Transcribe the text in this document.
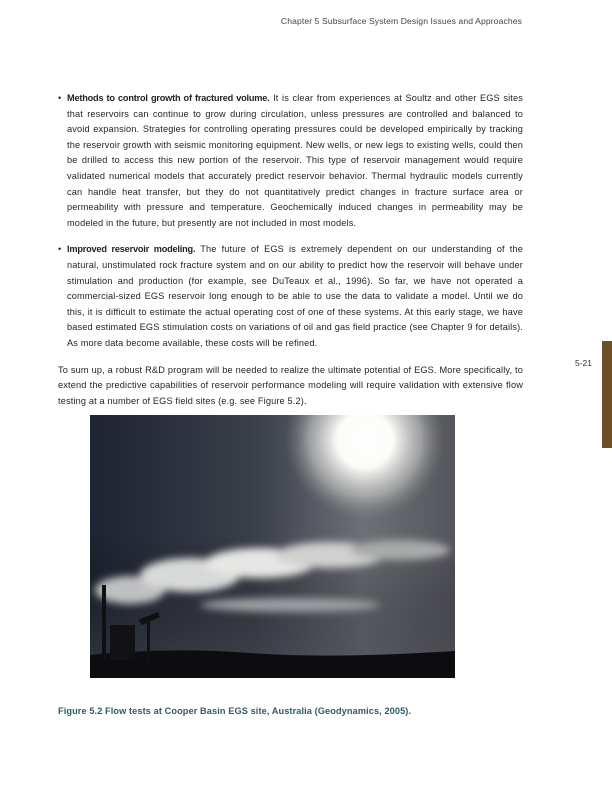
Chapter 5 Subsurface System Design Issues and Approaches
• Methods to control growth of fractured volume. It is clear from experiences at Soultz and other EGS sites that reservoirs can continue to grow during circulation, unless pressures are controlled and balanced to avoid expansion. Strategies for controlling operating pressures could be developed empirically by tracking the reservoir growth with seismic monitoring equipment. New wells, or new legs to existing wells, could then be drilled to access this new portion of the reservoir. This type of reservoir management would require validated numerical models that accurately predict reservoir behavior. Thermal hydraulic models currently can handle heat transfer, but they do not quantitatively predict changes in fracture surface area or permeability with pressure and temperature. Geochemically induced changes in permeability may be modeled in the future, but presently are not included in most models.
• Improved reservoir modeling. The future of EGS is extremely dependent on our understanding of the natural, unstimulated rock fracture system and on our ability to predict how the reservoir will behave under stimulation and production (for example, see DuTeaux et al., 1996). So far, we have not operated a commercial-sized EGS reservoir long enough to be able to use the data to validate a model. Until we do this, it is difficult to estimate the actual operating cost of one of these systems. At this early stage, we have based estimated EGS stimulation costs on variations of oil and gas field practice (see Chapter 9 for details). As more data become available, these costs will be refined.

To sum up, a robust R&D program will be needed to realize the ultimate potential of EGS. More specifically, to extend the predictive capabilities of reservoir performance modeling will require validation with extensive flow testing at a number of EGS field sites (e.g. see Figure 5.2).

5-21
Figure 5.2 Flow tests at Cooper Basin EGS site, Australia (Geodynamics, 2005).
